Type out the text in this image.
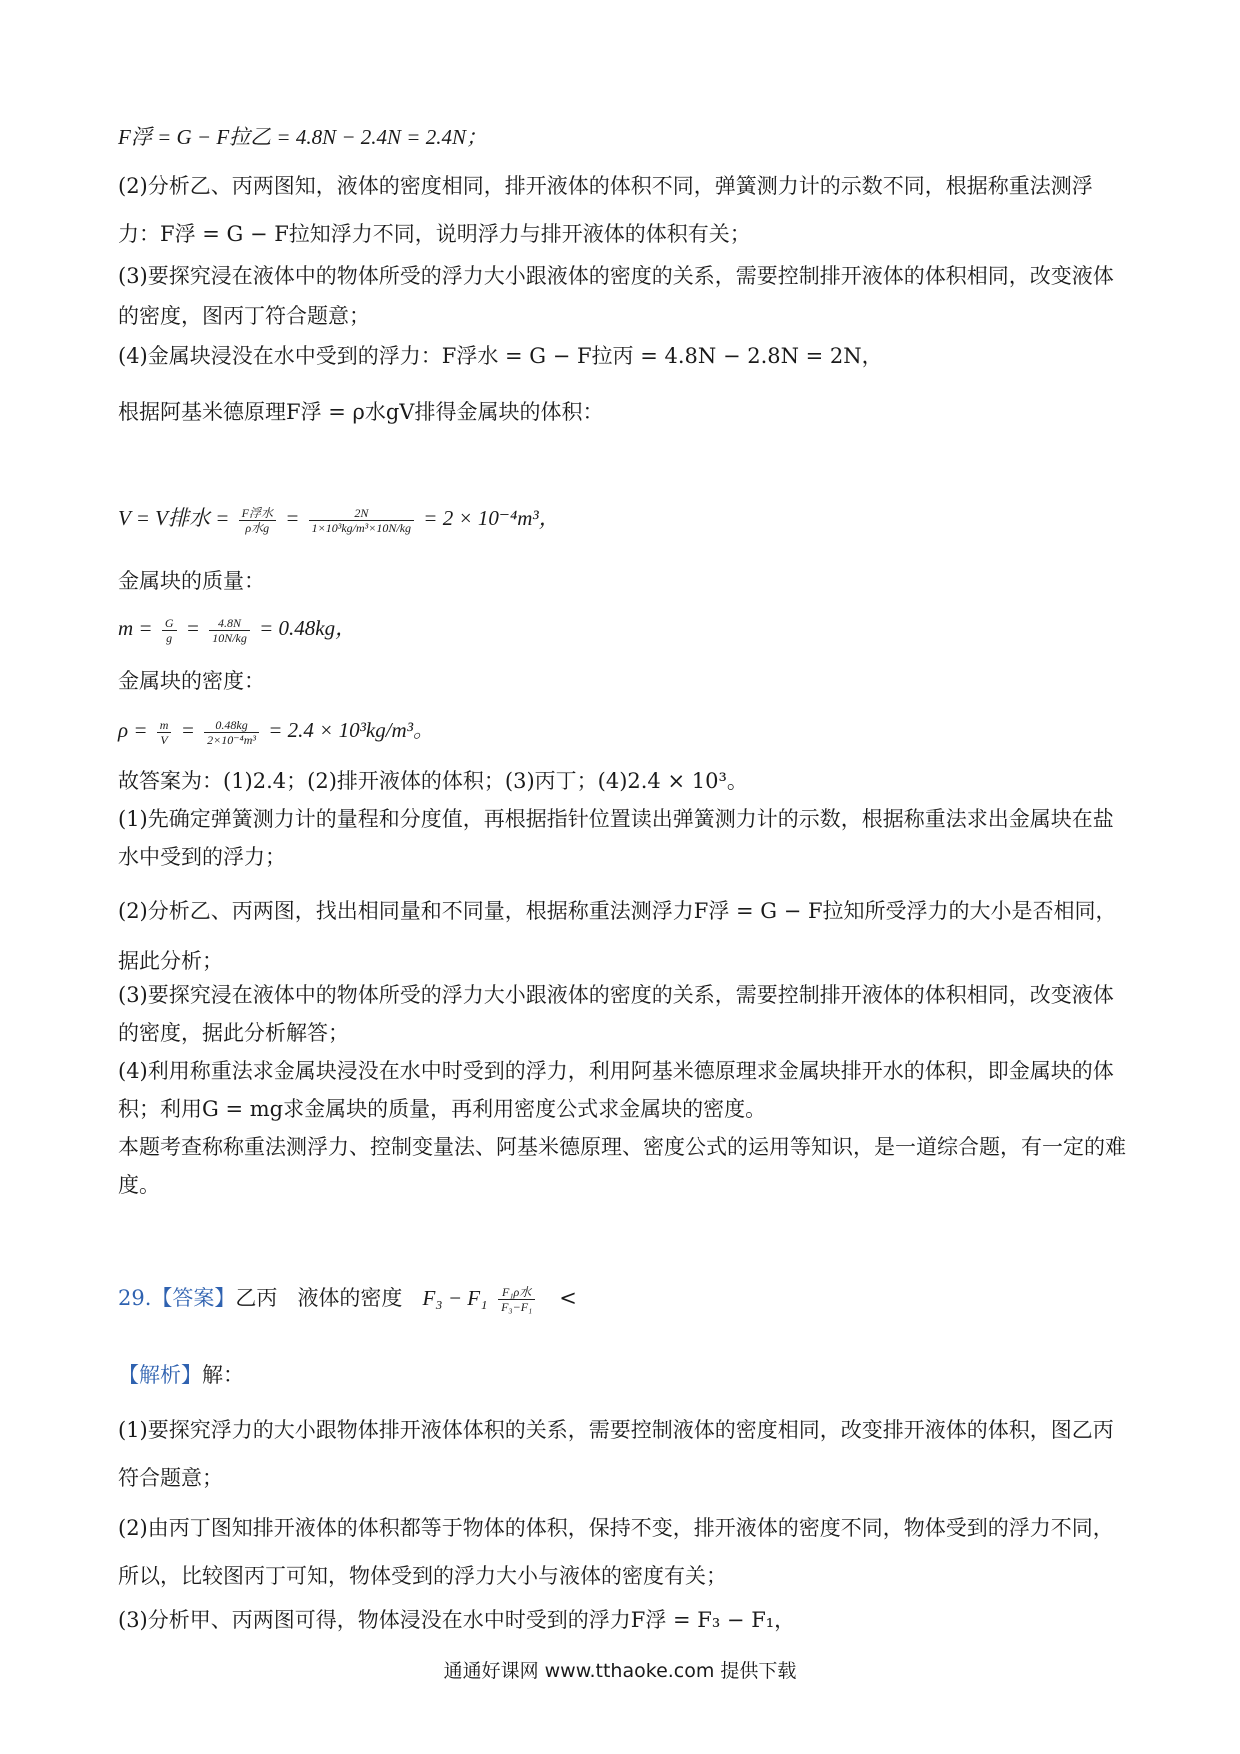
F浮 = G − F拉乙 = 4.8N − 2.4N = 2.4N；
(2)分析乙、丙两图知，液体的密度相同，排开液体的体积不同，弹簧测力计的示数不同，根据称重法测浮力：F浮 = G − F拉知浮力不同，说明浮力与排开液体的体积有关；
(3)要探究浸在液体中的物体所受的浮力大小跟液体的密度的关系，需要控制排开液体的体积相同，改变液体的密度，图丙丁符合题意；
(4)金属块浸没在水中受到的浮力：F浮水 = G − F拉丙 = 4.8N − 2.8N = 2N，
根据阿基米德原理F浮 = ρ水gV排得金属块的体积：
V = V排水 = $\frac{\text{F浮水}}{\text{ρ水g}} = \frac{2N}{\text{1×10³kg/m³×10N/kg}} = 2 \times 10^{-4}m^3$，
金属块的质量：
$m = \frac{G}{g} = \frac{4.8N}{10N/kg} = 0.48kg$，
金属块的密度：
$\rho = \frac{m}{V} = \frac{0.48kg}{\text{2×10⁻⁴m³}} = 2.4 \times 10^3kg/m^3$。
故答案为：(1)2.4；(2)排开液体的体积；(3)丙丁；(4)2.4 × 10³。
(1)先确定弹簧测力计的量程和分度值，再根据指针位置读出弹簧测力计的示数，根据称重法求出金属块在盐水中受到的浮力；
(2)分析乙、丙两图，找出相同量和不同量，根据称重法测浮力F浮 = G − F拉知所受浮力的大小是否相同，据此分析；
(3)要探究浸在液体中的物体所受的浮力大小跟液体的密度的关系，需要控制排开液体的体积相同，改变液体的密度，据此分析解答；
(4)利用称重法求金属块浸没在水中时受到的浮力，利用阿基米德原理求金属块排开水的体积，即金属块的体积；利用G = mg求金属块的质量，再利用密度公式求金属块的密度。
本题考查称称重法测浮力、控制变量法、阿基米德原理、密度公式的运用等知识，是一道综合题，有一定的难度。
29.【答案】乙丙 液体的密度 $F_3 - F_1 \frac{\text{F₁ρ水}}{\text{F₃−F₁}}$ <
【解析】解：
(1)要探究浮力的大小跟物体排开液体体积的关系，需要控制液体的密度相同，改变排开液体的体积，图乙丙符合题意；
(2)由丙丁图知排开液体的体积都等于物体的体积，保持不变，排开液体的密度不同，物体受到的浮力不同，所以，比较图丙丁可知，物体受到的浮力大小与液体的密度有关；
(3)分析甲、丙两图可得，物体浸没在水中时受到的浮力F浮 = F₃ − F₁，
通通好课网 www.tthaoke.com 提供下载
